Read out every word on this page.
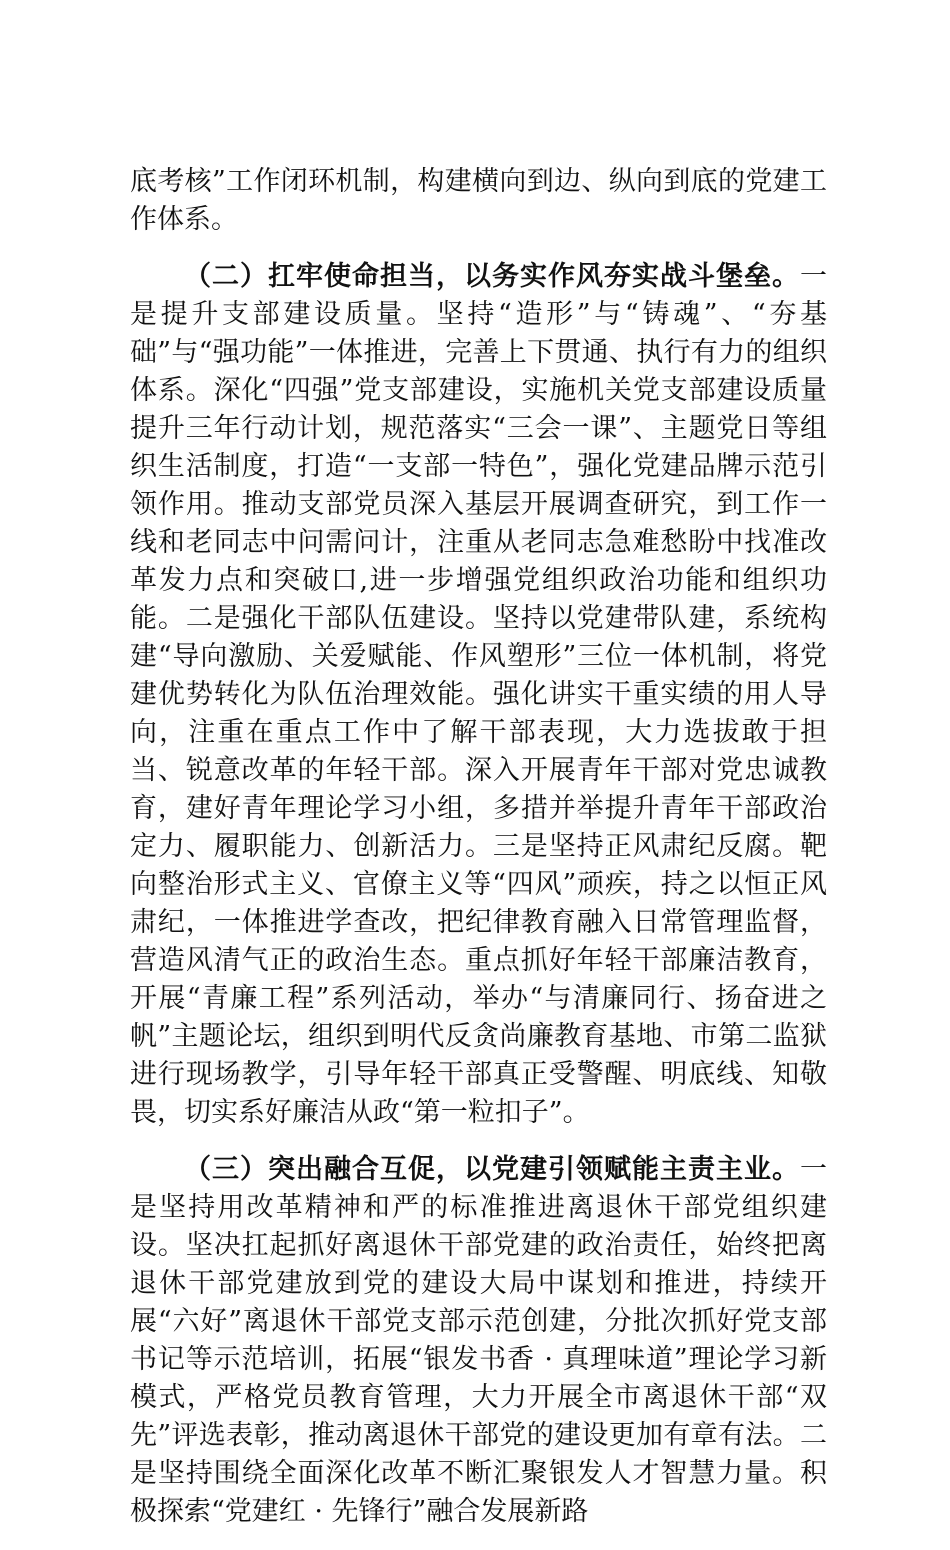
底考核”工作闭环机制，构建横向到边、纵向到底的党建工作体系。

（二）扛牢使命担当，以务实作风夯实战斗堡垒。一是提升支部建设质量。坚持“造形”与“铸魂”、“夯基础”与“强功能”一体推进，完善上下贯通、执行有力的组织体系。深化“四强”党支部建设，实施机关党支部建设质量提升三年行动计划，规范落实“三会一课”、主题党日等组织生活制度，打造“一支部一特色”，强化党建品牌示范引领作用。推动支部党员深入基层开展调查研究，到工作一线和老同志中问需问计，注重从老同志急难愁盼中找准改革发力点和突破口,进一步增强党组织政治功能和组织功能。二是强化干部队伍建设。坚持以党建带队建，系统构建“导向激励、关爱赋能、作风塑形”三位一体机制，将党建优势转化为队伍治理效能。强化讲实干重实绩的用人导向，注重在重点工作中了解干部表现，大力选拔敢于担当、锐意改革的年轻干部。深入开展青年干部对党忠诚教育，建好青年理论学习小组，多措并举提升青年干部政治定力、履职能力、创新活力。三是坚持正风肃纪反腐。靶向整治形式主义、官僚主义等“四风”顽疾，持之以恒正风肃纪，一体推进学查改，把纪律教育融入日常管理监督，营造风清气正的政治生态。重点抓好年轻干部廉洁教育，开展“青廉工程”系列活动，举办“与清廉同行、扬奋进之帆”主题论坛，组织到明代反贪尚廉教育基地、市第二监狱进行现场教学，引导年轻干部真正受警醒、明底线、知敬畏，切实系好廉洁从政“第一粒扣子”。

（三）突出融合互促，以党建引领赋能主责主业。一是坚持用改革精神和严的标准推进离退休干部党组织建设。坚决扛起抓好离退休干部党建的政治责任，始终把离退休干部党建放到党的建设大局中谋划和推进，持续开展“六好”离退休干部党支部示范创建，分批次抓好党支部书记等示范培训，拓展“银发书香 · 真理味道”理论学习新模式，严格党员教育管理，大力开展全市离退休干部“双先”评选表彰，推动离退休干部党的建设更加有章有法。二是坚持围绕全面深化改革不断汇聚银发人才智慧力量。积极探索“党建红 · 先锋行”融合发展新路
